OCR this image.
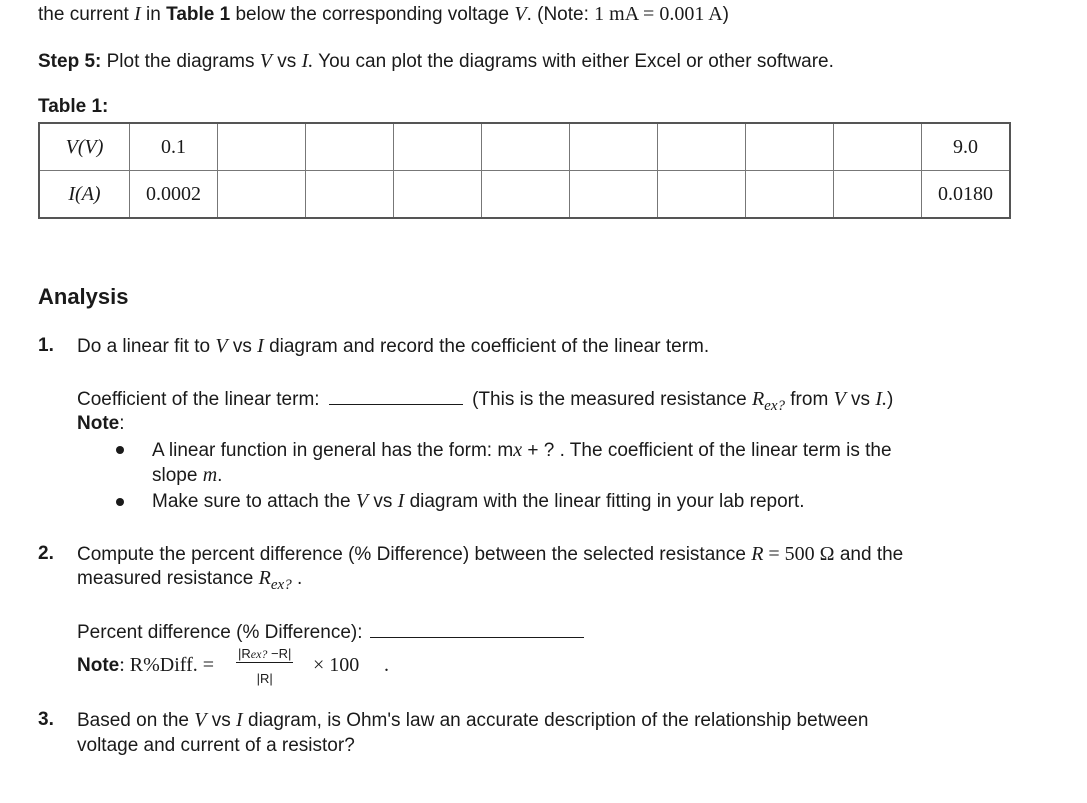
the current I in Table 1 below the corresponding voltage V. (Note: 1 mA = 0.001 A)
Step 5: Plot the diagrams V vs I. You can plot the diagrams with either Excel or other software.
Table 1:
V(V)	0.1									9.0
I(A)	0.0002									0.0180
Analysis
1. Do a linear fit to V vs I diagram and record the coefficient of the linear term.
Coefficient of the linear term:	(This is the measured resistance $R_{ex?}$ from V vs I.)
Note:
A linear function in general has the form: mx + ? . The coefficient of the linear term is the
slope m.
Make sure to attach the V vs I diagram with the linear fitting in your lab report.
2. Compute the percent difference (% Difference) between the selected resistance R = 500 Ω and the
measured resistance $R_{ex?}$ .
Percent difference (% Difference):
Note: R%Diff. =
|Rex? −R|
|R|
× 100 .
3. Based on the V vs I diagram, is Ohm's law an accurate description of the relationship between
voltage and current of a resistor?
